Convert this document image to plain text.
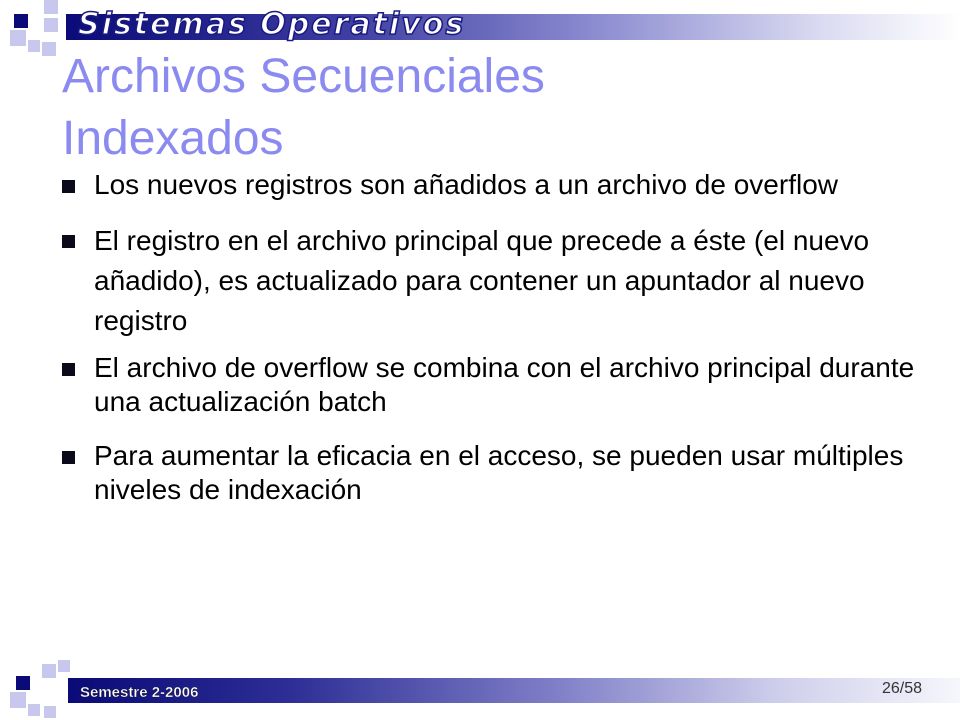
Sistemas Operativos
Archivos Secuenciales Indexados
Los nuevos registros son añadidos a un archivo de overflow
El registro en el archivo principal que precede a éste (el nuevo añadido), es actualizado para contener un apuntador al nuevo registro
El archivo de overflow se combina con el archivo principal durante una actualización batch
Para aumentar la eficacia en el acceso, se pueden usar múltiples niveles de indexación
Semestre 2-2006	26/58
